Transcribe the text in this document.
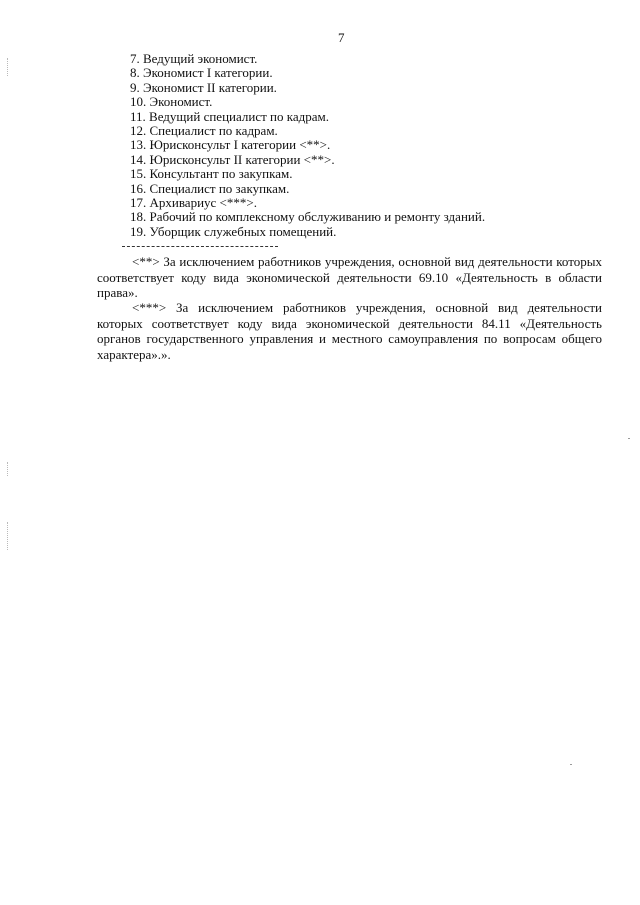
7
7. Ведущий экономист.
8. Экономист I категории.
9. Экономист II категории.
10. Экономист.
11. Ведущий специалист по кадрам.
12. Специалист по кадрам.
13. Юрисконсульт I категории <**>.
14. Юрисконсульт II категории <**>.
15. Консультант по закупкам.
16. Специалист по закупкам.
17. Архивариус <***>.
18. Рабочий по комплексному обслуживанию и ремонту зданий.
19. Уборщик служебных помещений.

<**> За исключением работников учреждения, основной вид деятельности которых соответствует коду вида экономической деятельности 69.10 «Деятельность в области права».

<***> За исключением работников учреждения, основной вид деятельности которых соответствует коду вида экономической деятельности 84.11 «Деятельность органов государственного управления и местного самоуправления по вопросам общего характера».».
